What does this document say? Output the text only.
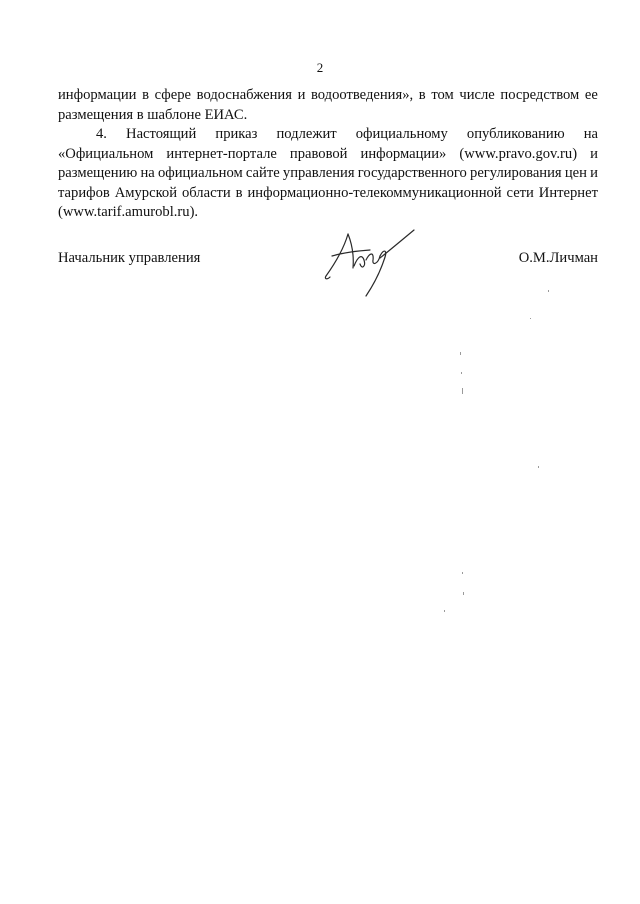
2
информации в сфере водоснабжения и водоотведения», в том числе посредством ее
размещения в шаблоне ЕИАС.
4. Настоящий приказ подлежит официальному опубликованию на
«Официальном интернет-портале правовой информации» (www.pravo.gov.ru) и
размещению на официальном сайте управления государственного регулирования цен и
тарифов Амурской области в информационно-телекоммуникационной сети Интернет
(www.tarif.amurobl.ru).
Начальник управления	О.М.Личман
